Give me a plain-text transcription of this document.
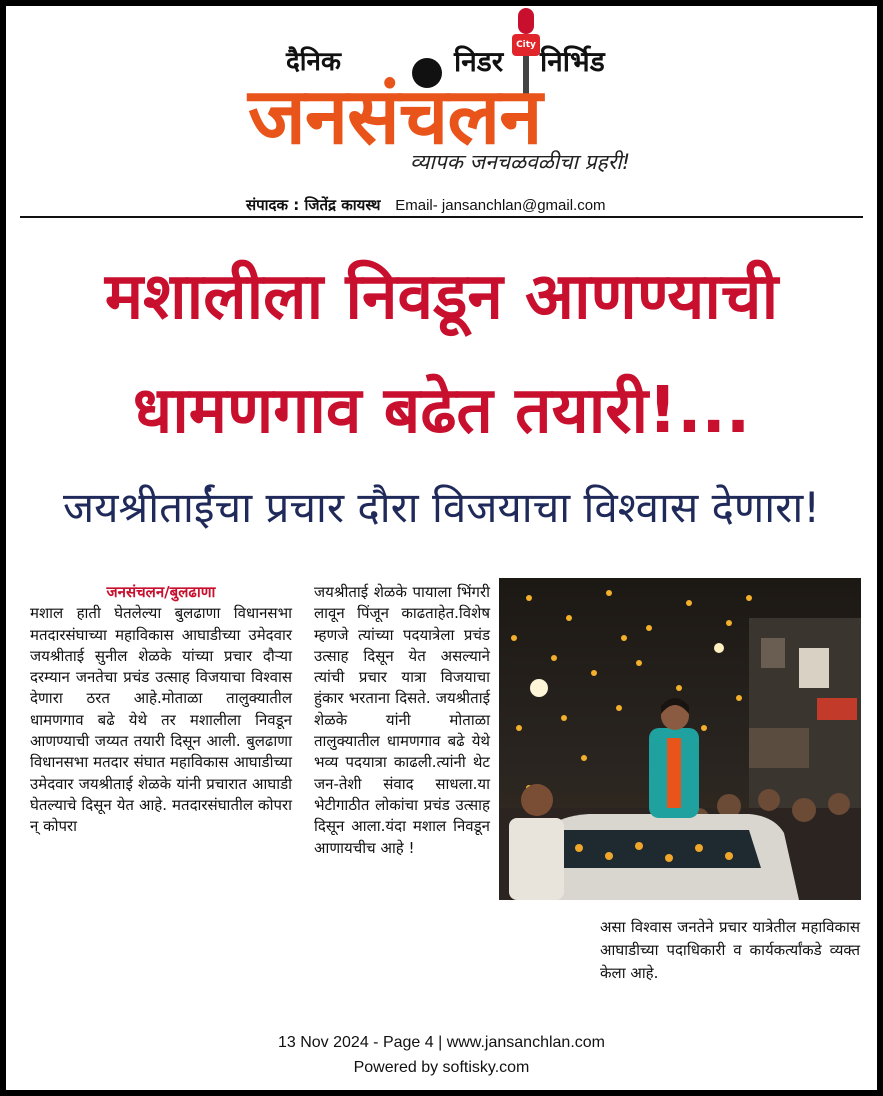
दैनिक	निडर	City निर्भिड
जनसंचलन
व्यापक जनचळवळीचा प्रहरी!
संपादक : जितेंद्र कायस्थ Email- jansanchlan@gmail.com
मशालीला निवडून आणण्याची
धामणगाव बढेत तयारी!...
जयश्रीताईंचा प्रचार दौरा विजयाचा विश्वास देणारा!
जनसंचलन/बुलढाणा
मशाल हाती घेतलेल्या बुलढाणा विधानसभा मतदारसंघाच्या महाविकास आघाडीच्या उमेदवार जयश्रीताई सुनील शेळके यांच्या प्रचार दौऱ्या दरम्यान जनतेचा प्रचंड उत्साह विजयाचा विश्वास देणारा ठरत आहे.मोताळा तालुक्यातील धामणगाव बढे येथे तर मशालीला निवडून आणण्याची जय्यत तयारी दिसून आली. बुलढाणा विधानसभा मतदार संघात महाविकास आघाडीच्या उमेदवार जयश्रीताई शेळके यांनी प्रचारात आघाडी घेतल्याचे दिसून येत आहे. मतदारसंघातील कोपरा न् कोपरा
जयश्रीताई शेळके पायाला भिंगरी लावून पिंजून काढताहेत.विशेष म्हणजे त्यांच्या पदयात्रेला प्रचंड उत्साह दिसून येत असल्याने त्यांची प्रचार यात्रा विजयाचा हुंकार भरताना दिसते. जयश्रीताई शेळके यांनी मोताळा तालुक्यातील धामणगाव बढे येथे भव्य पदयात्रा काढली.त्यांनी थेट जन-तेशी संवाद साधला.या भेटीगाठीत लोकांचा प्रचंड उत्साह दिसून आला.यंदा मशाल निवडून आणायचीच आहे !
असा विश्वास जनतेने प्रचार यात्रेतील महाविकास आघाडीच्या पदाधिकारी व कार्यकर्त्यांकडे व्यक्त केला आहे.
13 Nov 2024 - Page 4 | www.jansanchlan.com
Powered by softisky.com
